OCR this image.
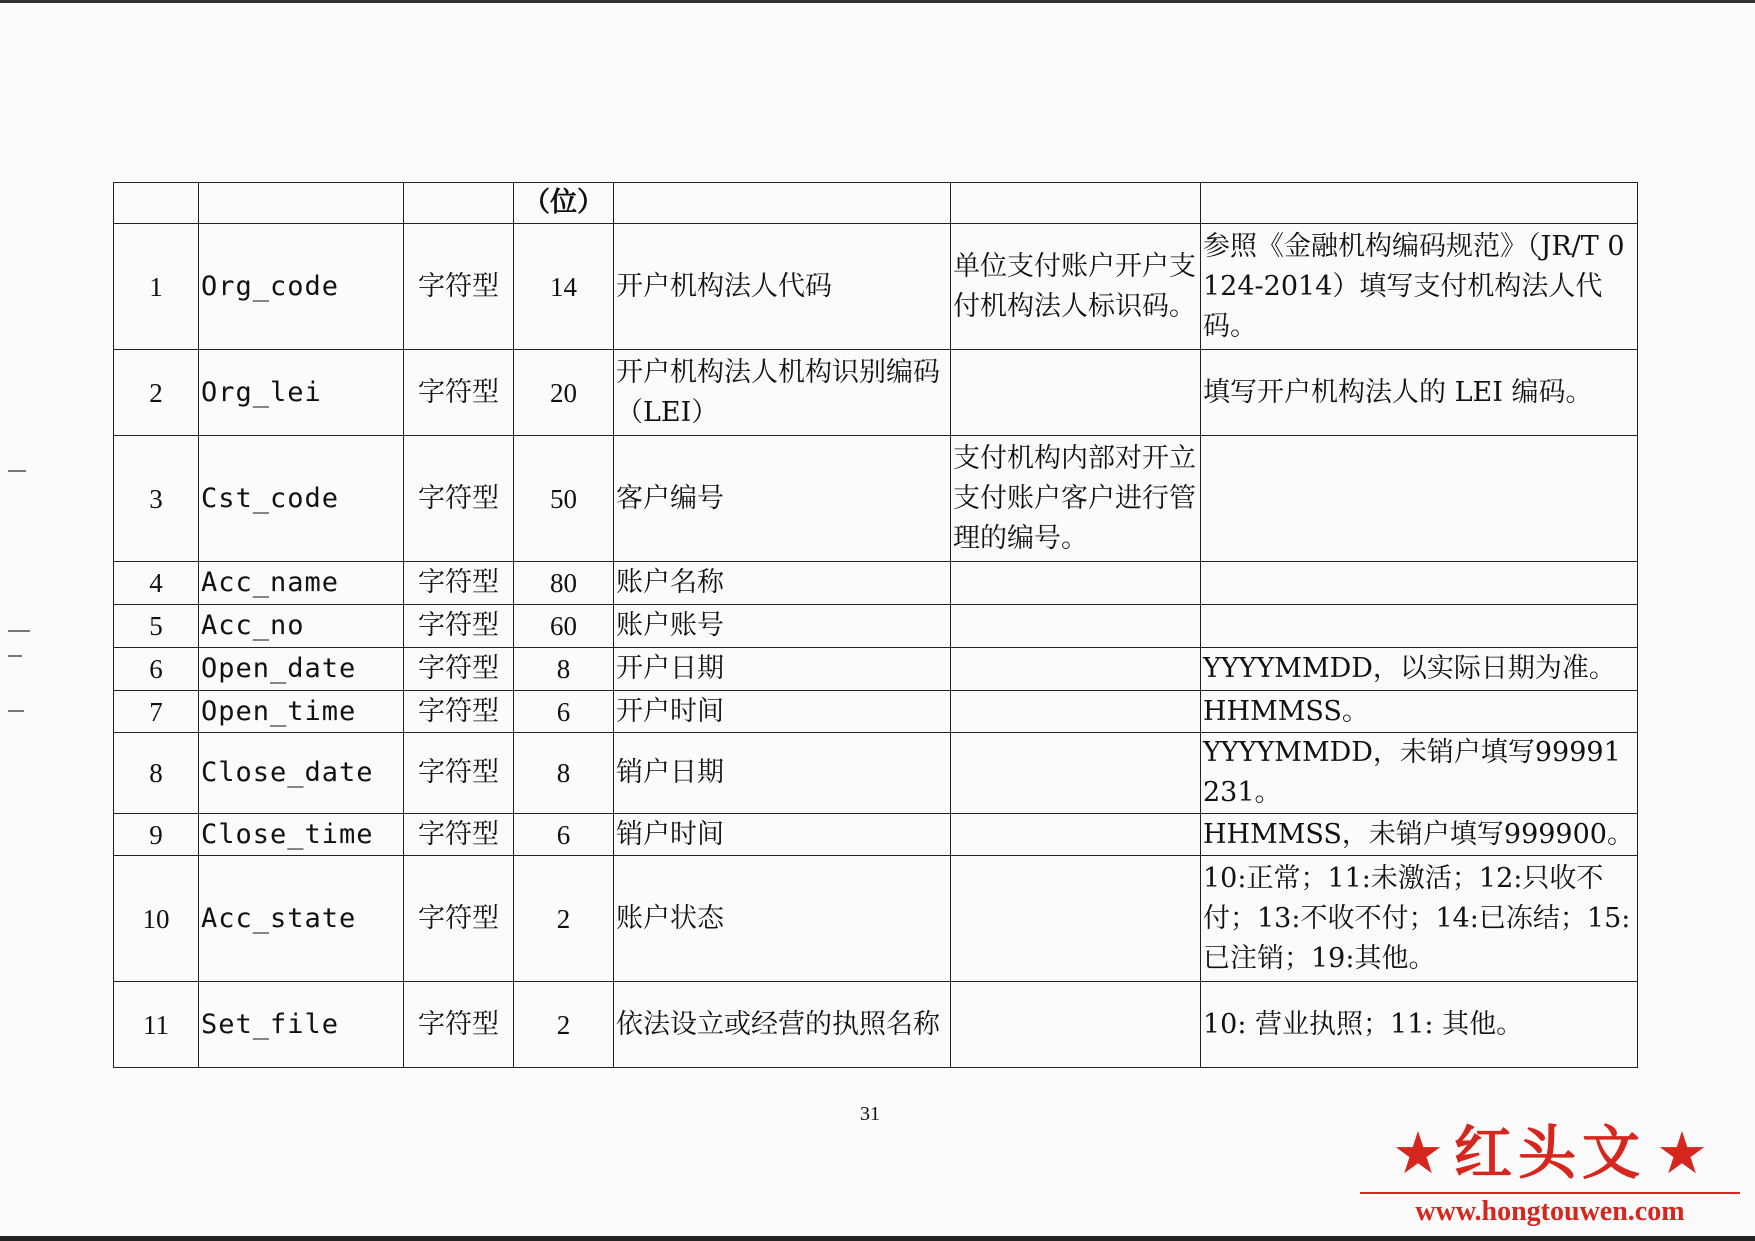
			（位）			
1	Org_code	字符型	14	开户机构法人代码	单位支付账户开户支付机构法人标识码。	参照《金融机构编码规范》（JR/T 0124-2014）填写支付机构法人代码。
2	Org_lei	字符型	20	开户机构法人机构识别编码（LEI）		填写开户机构法人的 LEI 编码。
3	Cst_code	字符型	50	客户编号	支付机构内部对开立支付账户客户进行管理的编号。	
4	Acc_name	字符型	80	账户名称		
5	Acc_no	字符型	60	账户账号		
6	Open_date	字符型	8	开户日期		YYYYMMDD，以实际日期为准。
7	Open_time	字符型	6	开户时间		HHMMSS。
8	Close_date	字符型	8	销户日期		YYYYMMDD，未销户填写99991231。
9	Close_time	字符型	6	销户时间		HHMMSS，未销户填写999900。
10	Acc_state	字符型	2	账户状态		10:正常；11:未激活；12:只收不付；13:不收不付；14:已冻结；15:已注销；19:其他。
11	Set_file	字符型	2	依法设立或经营的执照名称		10: 营业执照；11: 其他。
31
★ 红头文 ★
www.hongtouwen.com
